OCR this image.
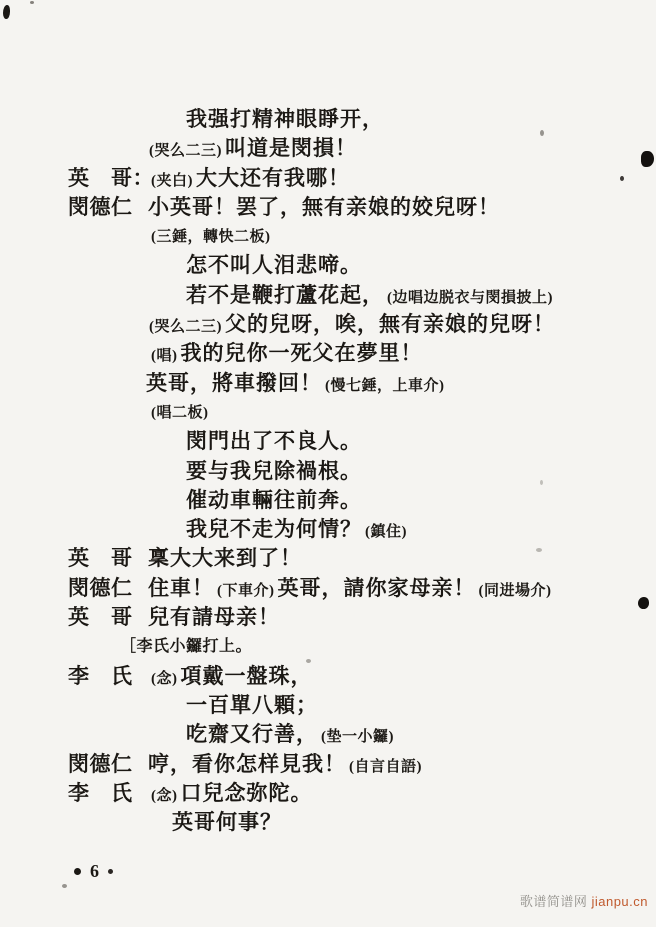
我强打精神眼睜开，
(哭么二三) 叫道是閔損！
英　哥：(夹白) 大大还有我哪！
閔德仁 小英哥！罢了，無有亲娘的姣兒呀！
(三錘，轉快二板)
怎不叫人泪悲啼。
若不是鞭打蘆花起， (边唱边脱衣与閔損披上)
(哭么二三) 父的兒呀，唉，無有亲娘的兒呀！
(唱) 我的兒你一死父在夢里！
英哥，將車撥回！ (慢七錘，上車介)
(唱二板)
閔門出了不良人。
要与我兒除禍根。
催动車輛往前奔。
我兒不走为何情？ (鎮住)
英　哥 稟大大来到了！
閔德仁 住車！ (下車介) 英哥，請你家母亲！ (同进場介)
英　哥 兒有請母亲！
［李氏小鑼打上。
李　氏 (念) 項戴一盤珠，
一百單八顆；
吃齋又行善， (垫一小鑼)
閔德仁 哼，看你怎样見我！ (自言自語)
李　氏 (念) 口兒念弥陀。
英哥何事？
6
歌谱简谱网 jianpu.cn
